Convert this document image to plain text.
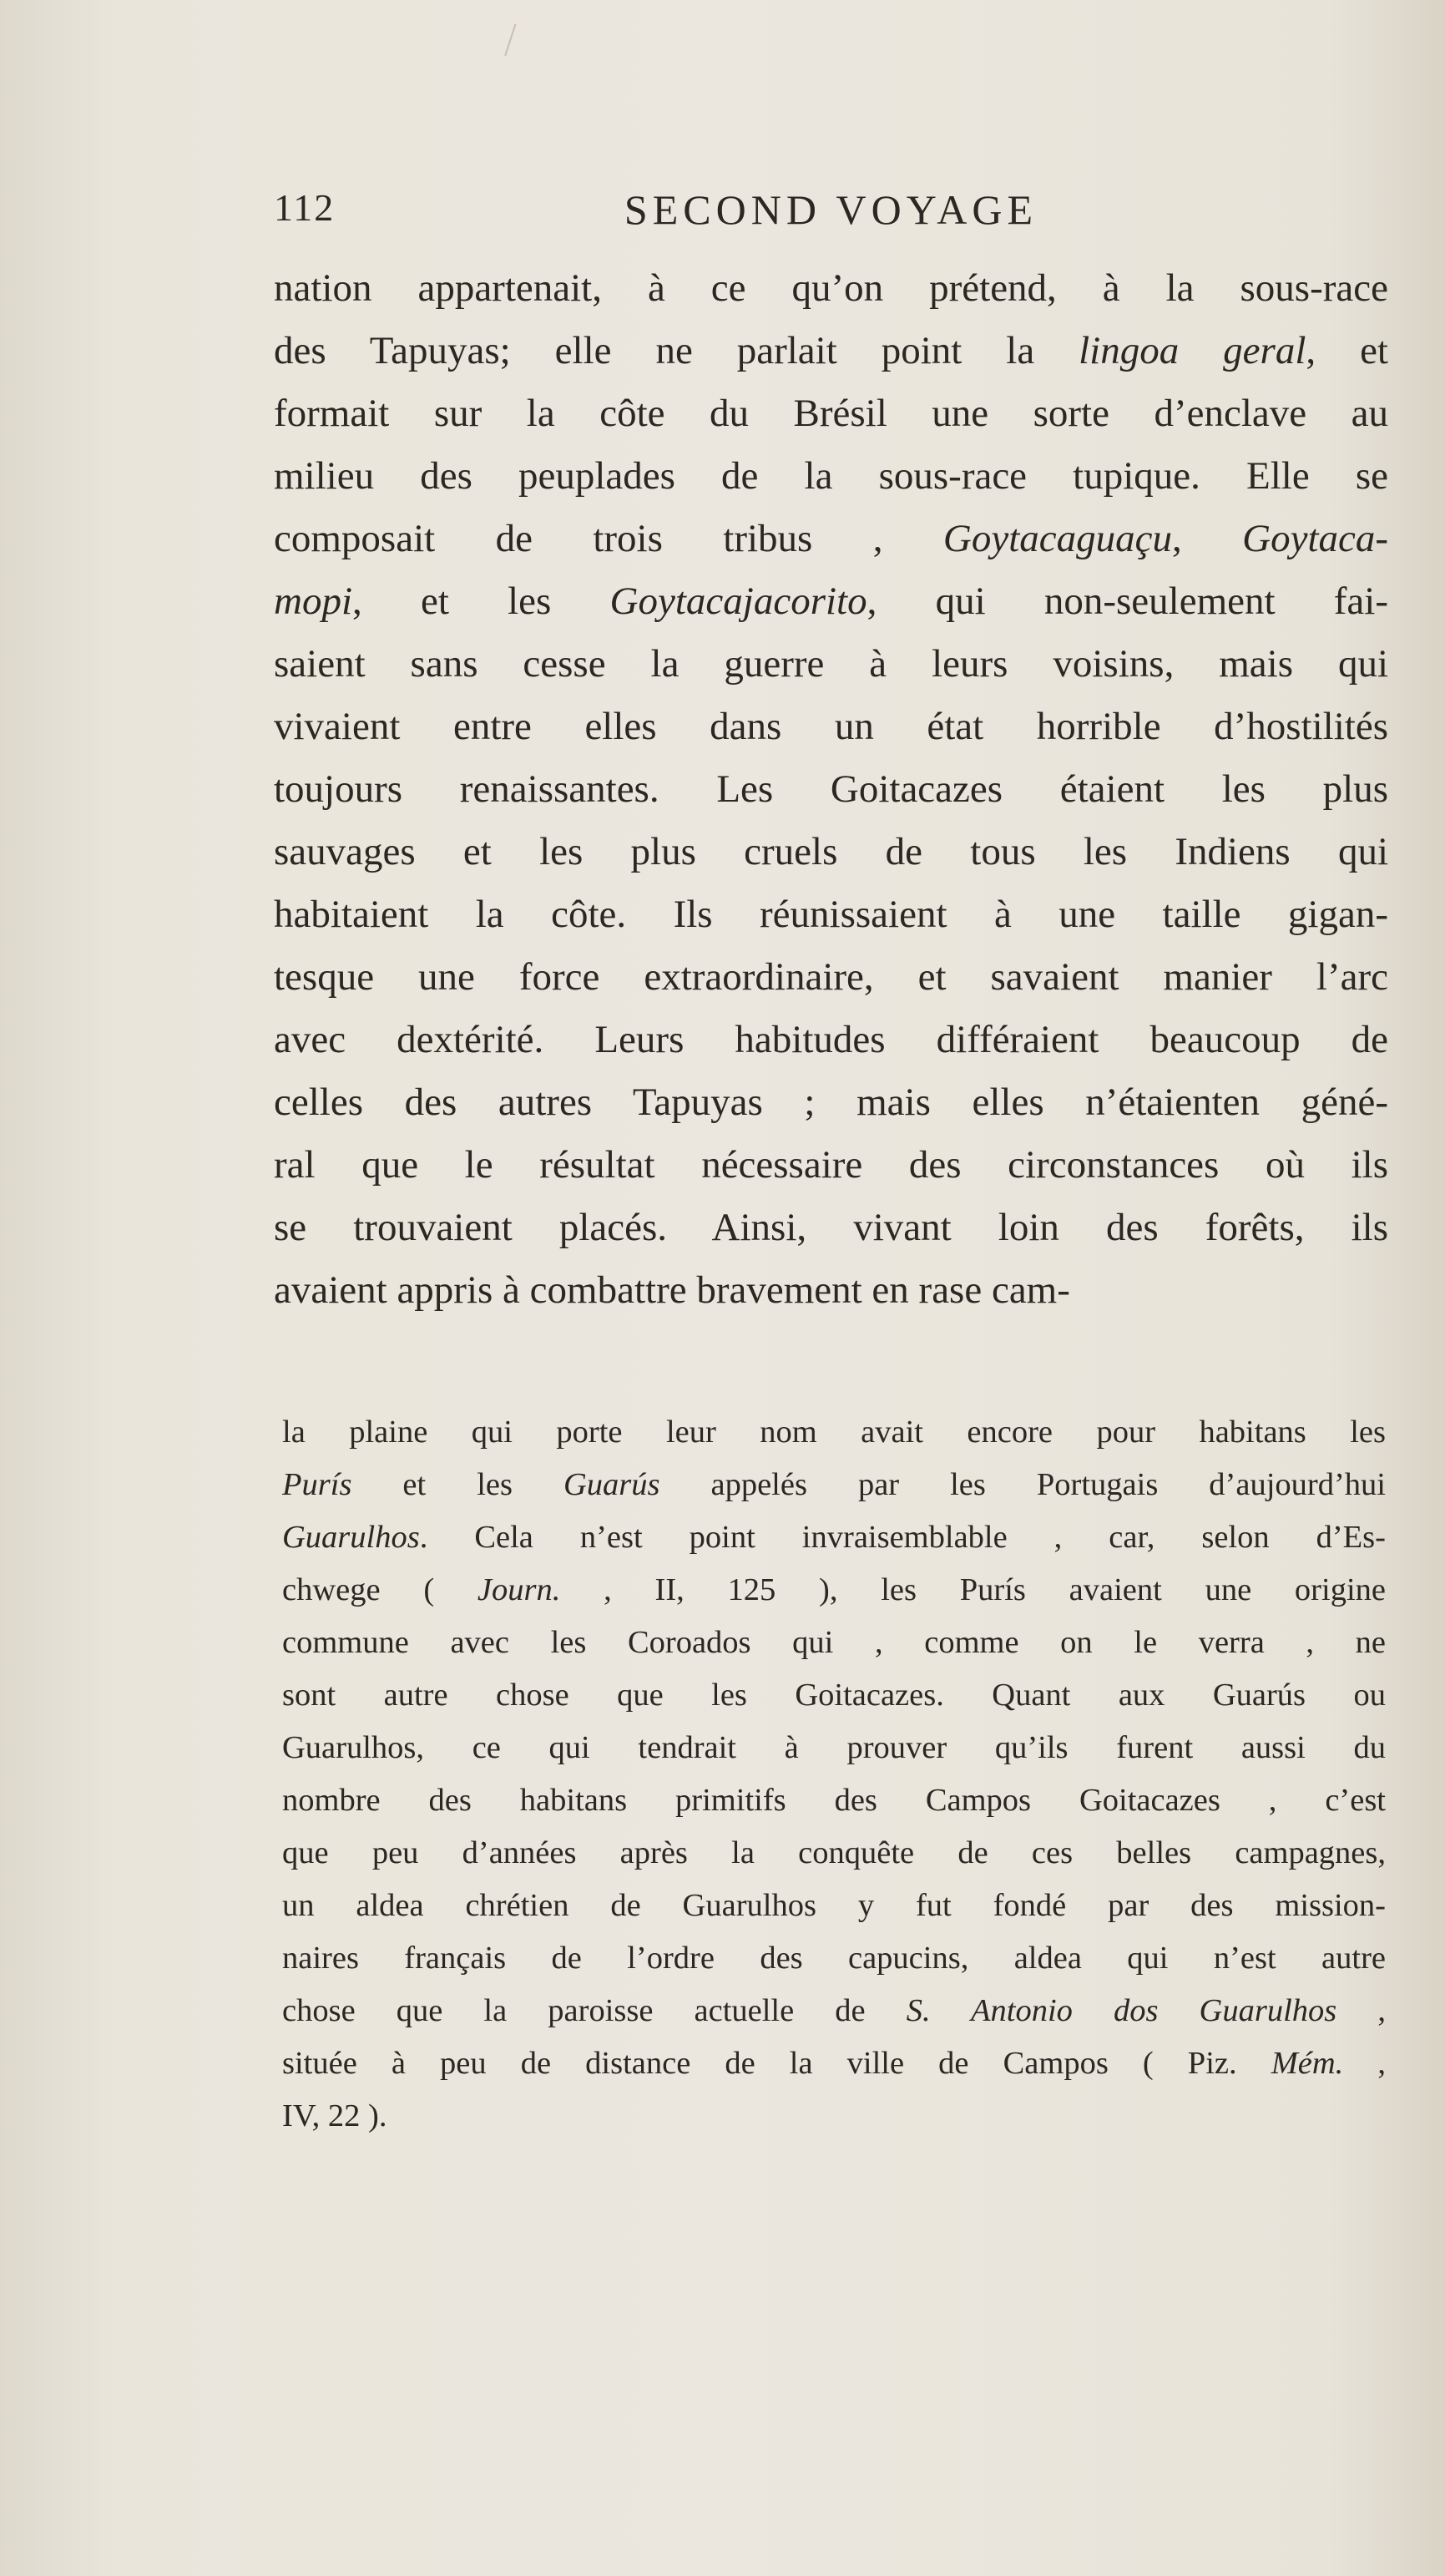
112	SECOND VOYAGE
nation appartenait, à ce qu’on prétend, à la sous-race
des Tapuyas; elle ne parlait point la lingoa geral, et
formait sur la côte du Brésil une sorte d’enclave au
milieu des peuplades de la sous-race tupique. Elle se
composait de trois tribus , Goytacaguaçu, Goytaca-
mopi, et les Goytacajacorito, qui non-seulement fai-
saient sans cesse la guerre à leurs voisins, mais qui
vivaient entre elles dans un état horrible d’hostilités
toujours renaissantes. Les Goitacazes étaient les plus
sauvages et les plus cruels de tous les Indiens qui
habitaient la côte. Ils réunissaient à une taille gigan-
tesque une force extraordinaire, et savaient manier l’arc
avec dextérité. Leurs habitudes différaient beaucoup de
celles des autres Tapuyas ; mais elles n’étaienten géné-
ral que le résultat nécessaire des circonstances où ils
se trouvaient placés. Ainsi, vivant loin des forêts, ils
avaient appris à combattre bravement en rase cam-
la plaine qui porte leur nom avait encore pour habitans les
Purís et les Guarús appelés par les Portugais d’aujourd’hui
Guarulhos. Cela n’est point invraisemblable , car, selon d’Es-
chwege ( Journ. , II, 125 ), les Purís avaient une origine
commune avec les Coroados qui , comme on le verra , ne
sont autre chose que les Goitacazes. Quant aux Guarús ou
Guarulhos, ce qui tendrait à prouver qu’ils furent aussi du
nombre des habitans primitifs des Campos Goitacazes , c’est
que peu d’années après la conquête de ces belles campagnes,
un aldea chrétien de Guarulhos y fut fondé par des mission-
naires français de l’ordre des capucins, aldea qui n’est autre
chose que la paroisse actuelle de S. Antonio dos Guarulhos ,
située à peu de distance de la ville de Campos ( Piz. Mém. ,
IV, 22 ).
